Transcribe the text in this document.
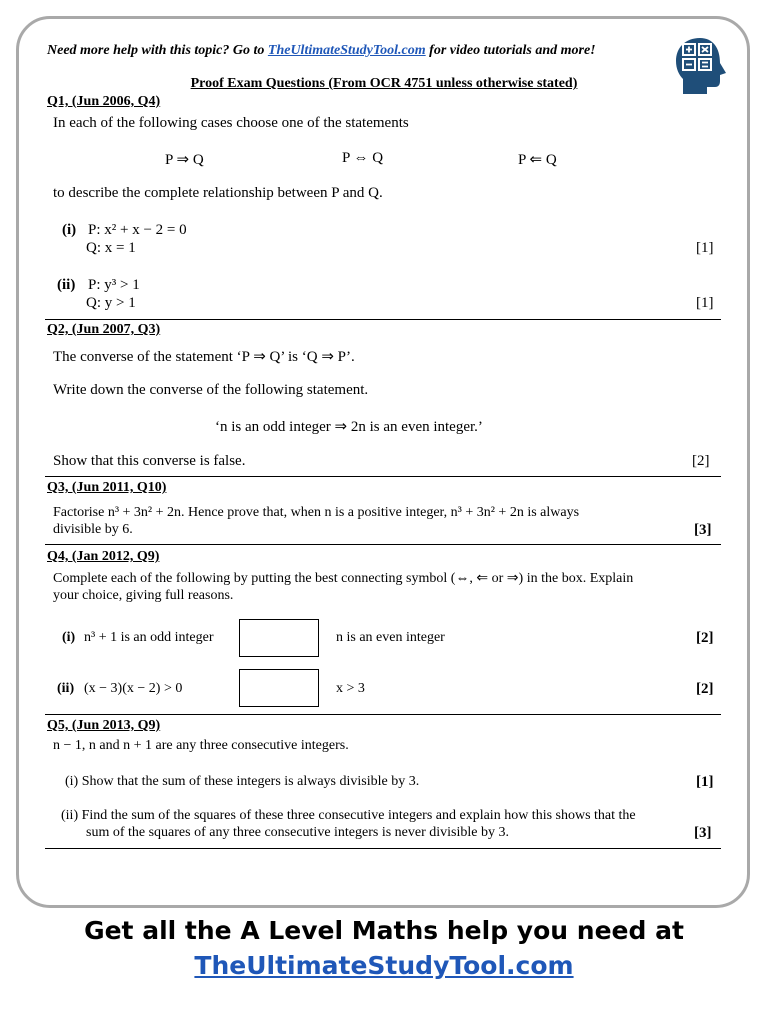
Need more help with this topic? Go to TheUltimateStudyTool.com for video tutorials and more!
Proof Exam Questions (From OCR 4751 unless otherwise stated)
Q1, (Jun 2006, Q4)
In each of the following cases choose one of the statements
P ⇒ Q	P ⇔ Q	P ⇐ Q
to describe the complete relationship between P and Q.
(i) P: x² + x − 2 = 0
Q: x = 1	[1]
(ii) P: y³ > 1
Q: y > 1	[1]
Q2, (Jun 2007, Q3)
The converse of the statement ‘P ⇒ Q’ is ‘Q ⇒ P’.
Write down the converse of the following statement.
‘n is an odd integer ⇒ 2n is an even integer.’
Show that this converse is false.	[2]
Q3, (Jun 2011, Q10)
Factorise n³ + 3n² + 2n. Hence prove that, when n is a positive integer, n³ + 3n² + 2n is always
divisible by 6.	[3]
Q4, (Jan 2012, Q9)
Complete each of the following by putting the best connecting symbol (⇔, ⇐ or ⇒) in the box. Explain
your choice, giving full reasons.
(i) n³ + 1 is an odd integer	n is an even integer	[2]
(ii) (x − 3)(x − 2) > 0	x > 3	[2]
Q5, (Jun 2013, Q9)
n − 1, n and n + 1 are any three consecutive integers.
(i) Show that the sum of these integers is always divisible by 3.	[1]
(ii) Find the sum of the squares of these three consecutive integers and explain how this shows that the
sum of the squares of any three consecutive integers is never divisible by 3.	[3]
Get all the A Level Maths help you need at
TheUltimateStudyTool.com
